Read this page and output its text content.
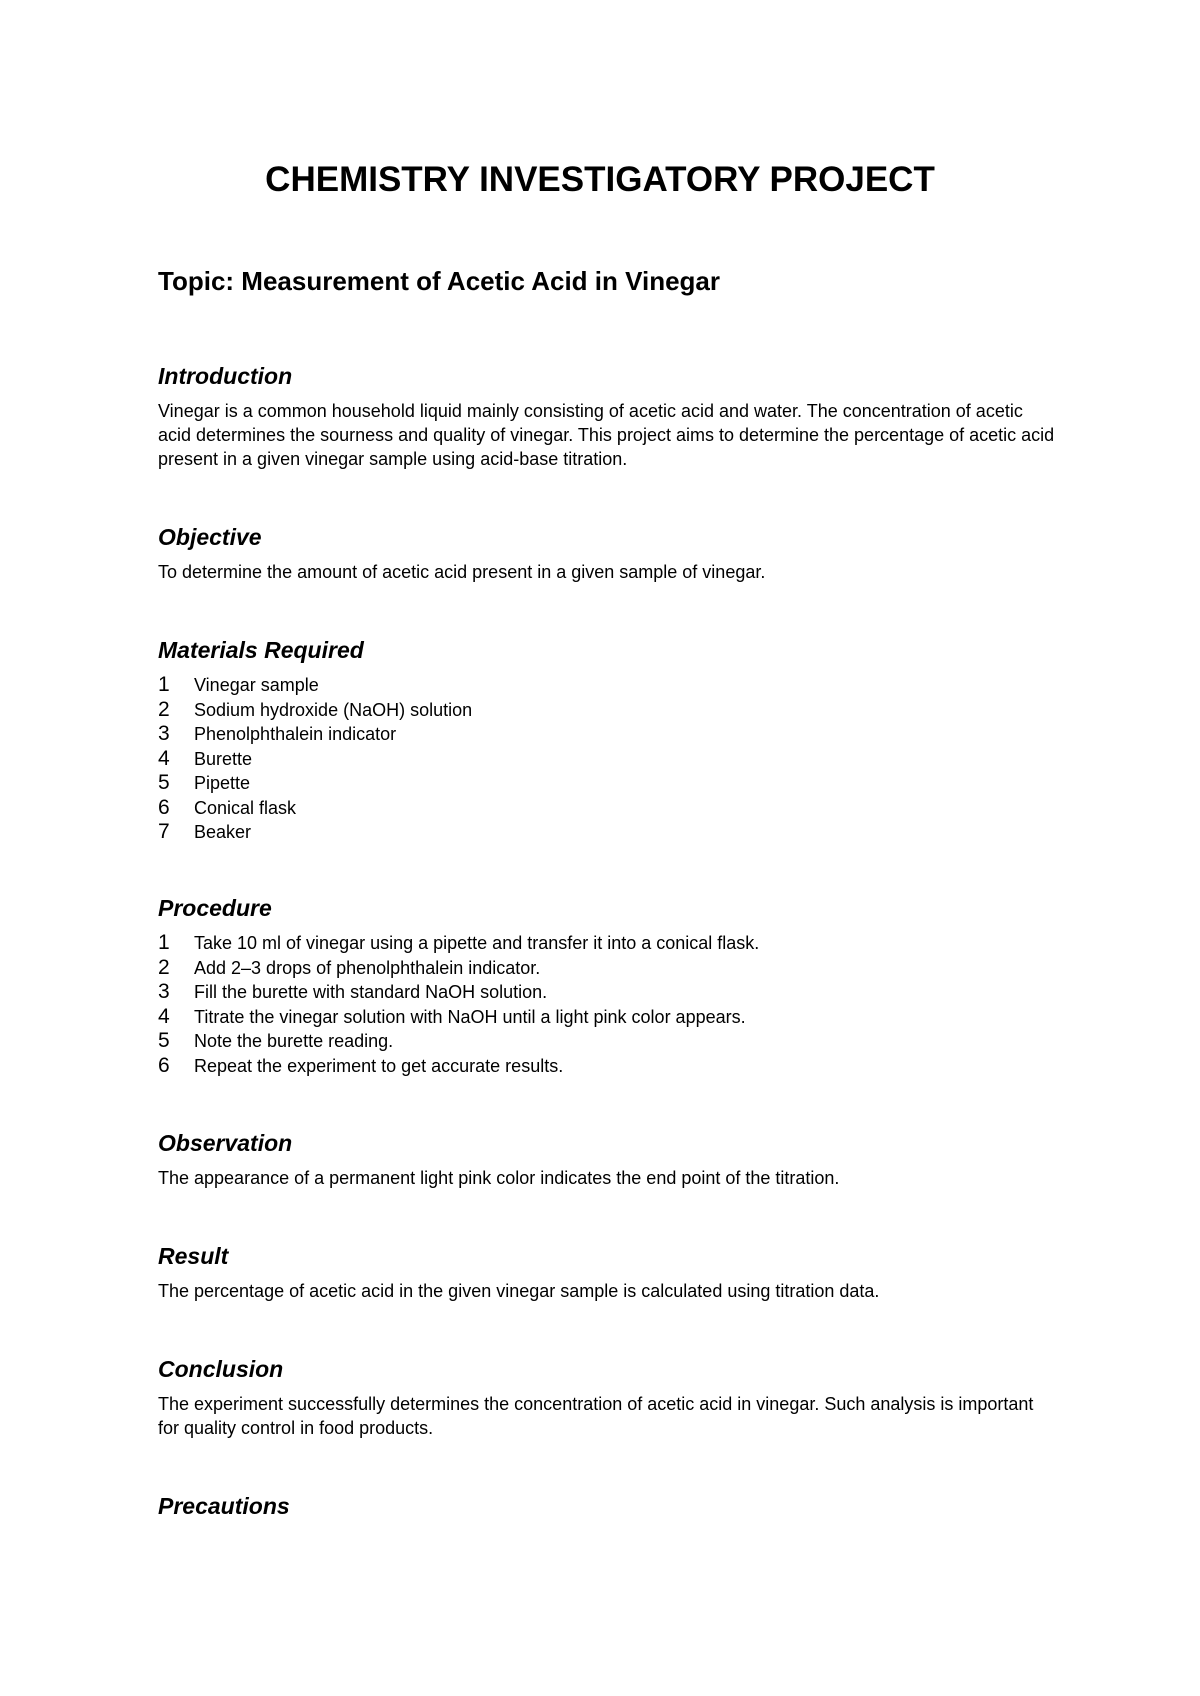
CHEMISTRY INVESTIGATORY PROJECT
Topic: Measurement of Acetic Acid in Vinegar
Introduction

Vinegar is a common household liquid mainly consisting of acetic acid and water. The concentration of acetic acid determines the sourness and quality of vinegar. This project aims to determine the percentage of acetic acid present in a given vinegar sample using acid-base titration.

Objective

To determine the amount of acetic acid present in a given sample of vinegar.

Materials Required
1	Vinegar sample
2	Sodium hydroxide (NaOH) solution
3	Phenolphthalein indicator
4	Burette
5	Pipette
6	Conical flask
7	Beaker
Procedure
1	Take 10 ml of vinegar using a pipette and transfer it into a conical flask.
2	Add 2–3 drops of phenolphthalein indicator.
3	Fill the burette with standard NaOH solution.
4	Titrate the vinegar solution with NaOH until a light pink color appears.
5	Note the burette reading.
6	Repeat the experiment to get accurate results.
Observation

The appearance of a permanent light pink color indicates the end point of the titration.

Result

The percentage of acetic acid in the given vinegar sample is calculated using titration data.

Conclusion

The experiment successfully determines the concentration of acetic acid in vinegar. Such analysis is important for quality control in food products.

Precautions
